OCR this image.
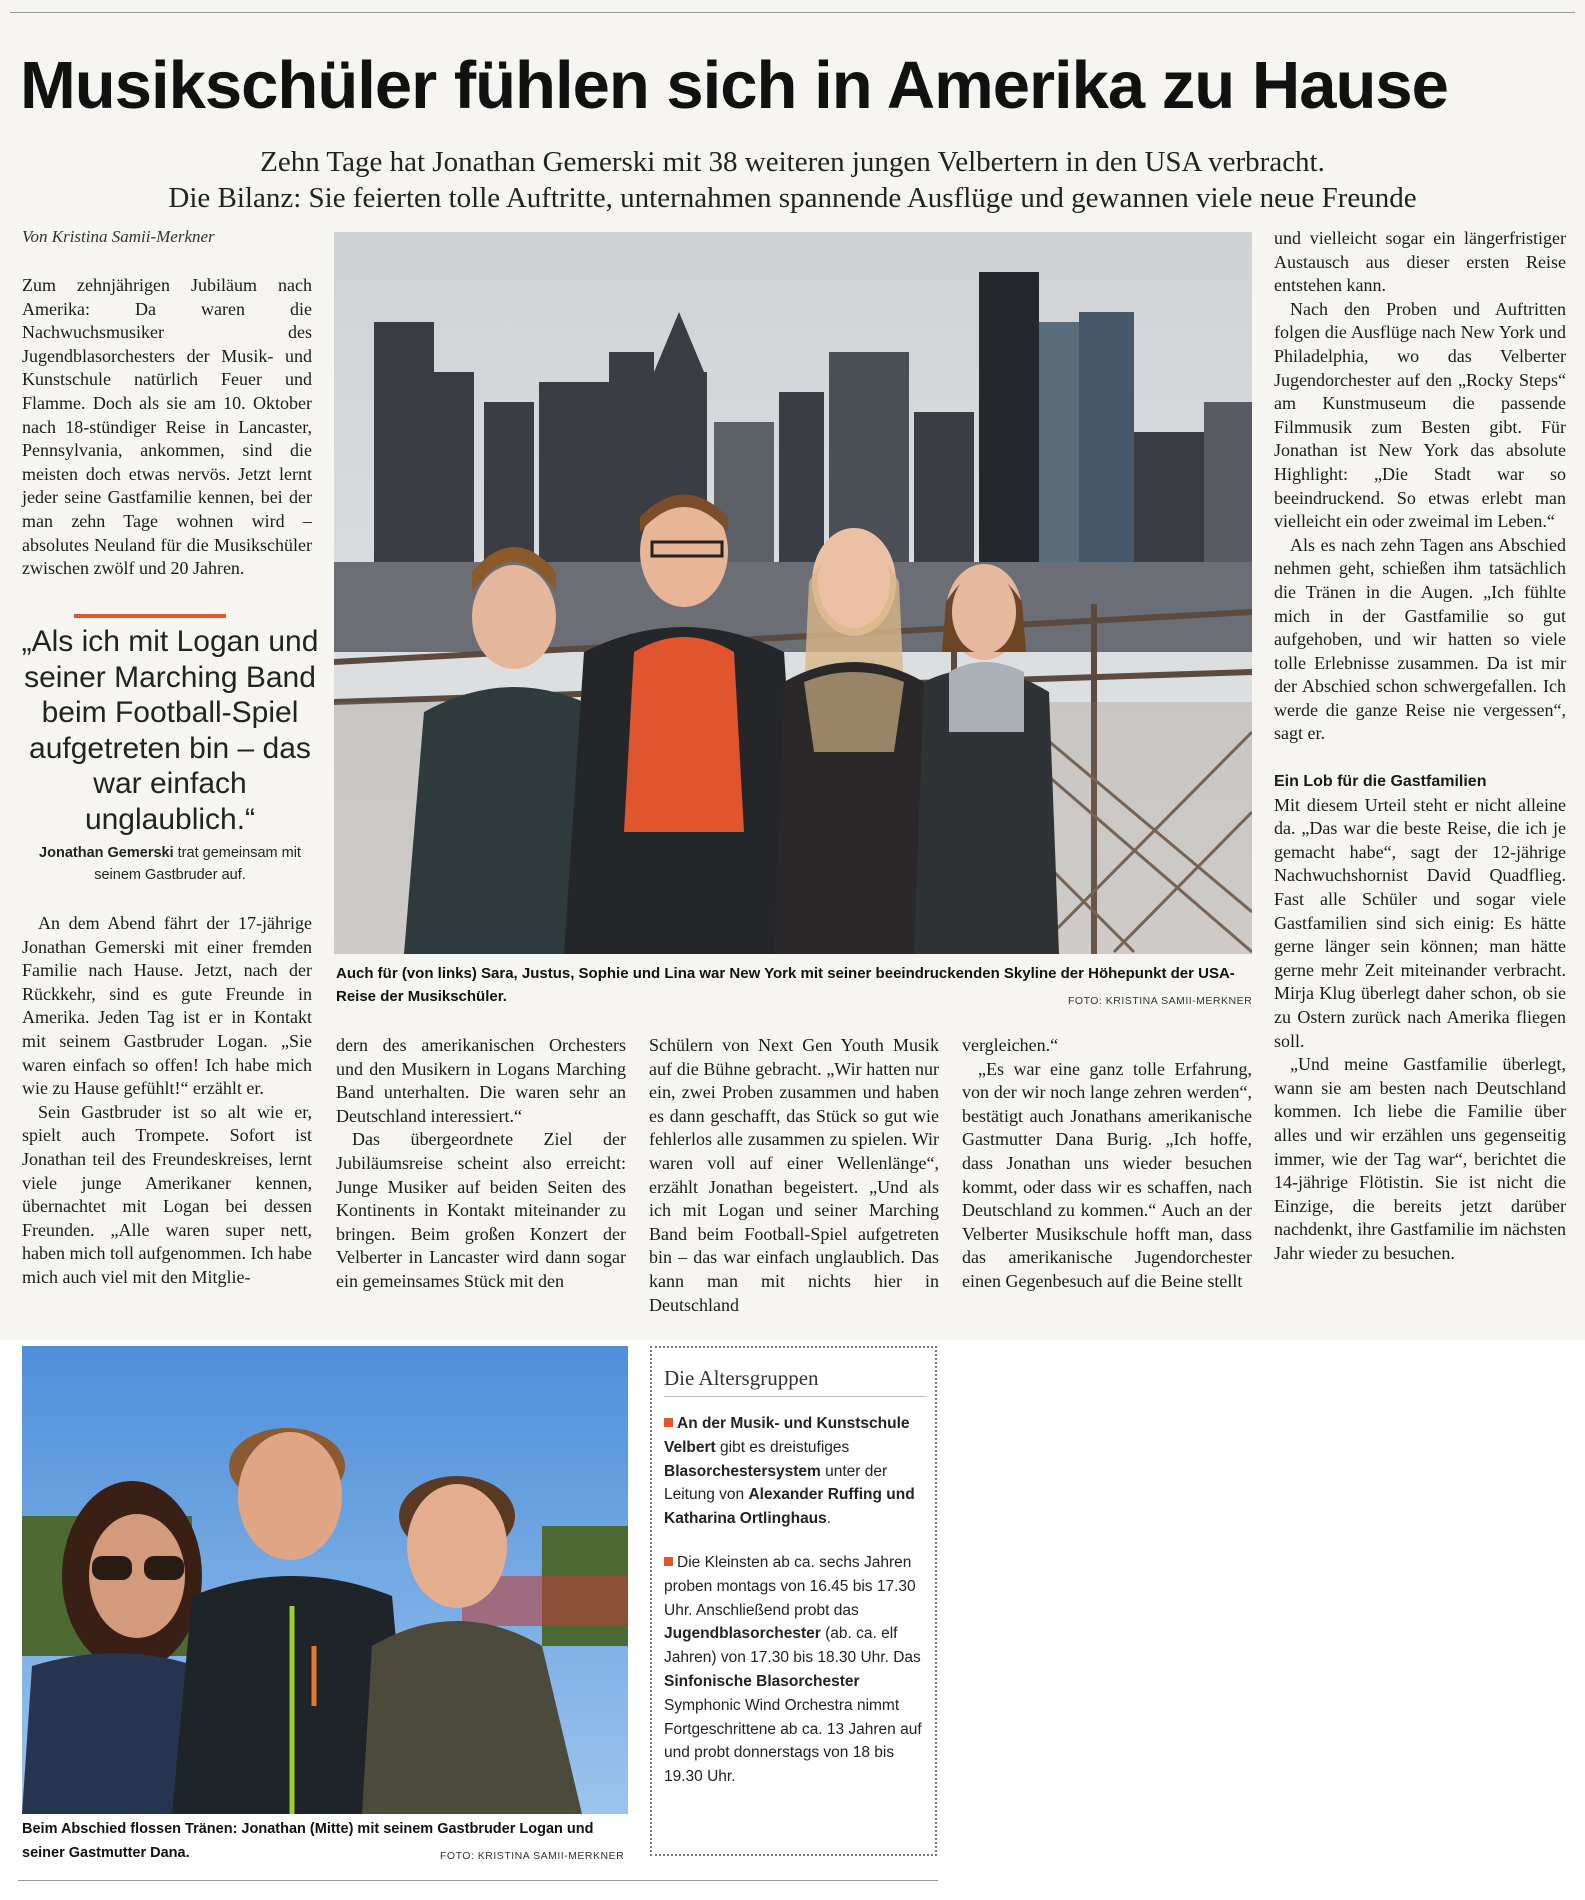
Musikschüler fühlen sich in Amerika zu Hause

Zehn Tage hat Jonathan Gemerski mit 38 weiteren jungen Velbertern in den USA verbracht.

Die Bilanz: Sie feierten tolle Auftritte, unternahmen spannende Ausflüge und gewannen viele neue Freunde

Von Kristina Samii-Merkner

Zum zehnjährigen Jubiläum nach Amerika: Da waren die Nachwuchsmusiker des Jugendblasorchesters der Musik- und Kunstschule natürlich Feuer und Flamme. Doch als sie am 10. Oktober nach 18-stündiger Reise in Lancaster, Pennsylvania, ankommen, sind die meisten doch etwas nervös. Jetzt lernt jeder seine Gastfamilie kennen, bei der man zehn Tage wohnen wird – absolutes Neuland für die Musikschüler zwischen zwölf und 20 Jahren.

„Als ich mit Logan und seiner Marching Band beim Football-Spiel aufgetreten bin – das war einfach unglaublich.“
Jonathan Gemerski trat gemeinsam mit seinem Gastbruder auf.

An dem Abend fährt der 17-jährige Jonathan Gemerski mit einer fremden Familie nach Hause. Jetzt, nach der Rückkehr, sind es gute Freunde in Amerika. Jeden Tag ist er in Kontakt mit seinem Gastbruder Logan. „Sie waren einfach so offen! Ich habe mich wie zu Hause gefühlt!“ erzählt er.

Sein Gastbruder ist so alt wie er, spielt auch Trompete. Sofort ist Jonathan teil des Freundeskreises, lernt viele junge Amerikaner kennen, übernachtet mit Logan bei dessen Freunden. „Alle waren super nett, haben mich toll aufgenommen. Ich habe mich auch viel mit den Mitglie-

Auch für (von links) Sara, Justus, Sophie und Lina war New York mit seiner beeindruckenden Skyline der Höhepunkt der USA-Reise der Musikschüler.	FOTO: KRISTINA SAMII-MERKNER

dern des amerikanischen Orchesters und den Musikern in Logans Marching Band unterhalten. Die waren sehr an Deutschland interessiert.“

Das übergeordnete Ziel der Jubiläumsreise scheint also erreicht: Junge Musiker auf beiden Seiten des Kontinents in Kontakt miteinander zu bringen. Beim großen Konzert der Velberter in Lancaster wird dann sogar ein gemeinsames Stück mit den

Schülern von Next Gen Youth Musik auf die Bühne gebracht. „Wir hatten nur ein, zwei Proben zusammen und haben es dann geschafft, das Stück so gut wie fehlerlos alle zusammen zu spielen. Wir waren voll auf einer Wellenlänge“, erzählt Jonathan begeistert. „Und als ich mit Logan und seiner Marching Band beim Football-Spiel aufgetreten bin – das war einfach unglaublich. Das kann man mit nichts hier in Deutschland

vergleichen.“

„Es war eine ganz tolle Erfahrung, von der wir noch lange zehren werden“, bestätigt auch Jonathans amerikanische Gastmutter Dana Burig. „Ich hoffe, dass Jonathan uns wieder besuchen kommt, oder dass wir es schaffen, nach Deutschland zu kommen.“ Auch an der Velberter Musikschule hofft man, dass das amerikanische Jugendorchester einen Gegenbesuch auf die Beine stellt

und vielleicht sogar ein längerfristiger Austausch aus dieser ersten Reise entstehen kann.

Nach den Proben und Auftritten folgen die Ausflüge nach New York und Philadelphia, wo das Velberter Jugendorchester auf den „Rocky Steps“ am Kunstmuseum die passende Filmmusik zum Besten gibt. Für Jonathan ist New York das absolute Highlight: „Die Stadt war so beeindruckend. So etwas erlebt man vielleicht ein oder zweimal im Leben.“

Als es nach zehn Tagen ans Abschied nehmen geht, schießen ihm tatsächlich die Tränen in die Augen. „Ich fühlte mich in der Gastfamilie so gut aufgehoben, und wir hatten so viele tolle Erlebnisse zusammen. Da ist mir der Abschied schon schwergefallen. Ich werde die ganze Reise nie vergessen“, sagt er.

Ein Lob für die Gastfamilien

Mit diesem Urteil steht er nicht alleine da. „Das war die beste Reise, die ich je gemacht habe“, sagt der 12-jährige Nachwuchshornist David Quadflieg. Fast alle Schüler und sogar viele Gastfamilien sind sich einig: Es hätte gerne länger sein können; man hätte gerne mehr Zeit miteinander verbracht. Mirja Klug überlegt daher schon, ob sie zu Ostern zurück nach Amerika fliegen soll.

„Und meine Gastfamilie überlegt, wann sie am besten nach Deutschland kommen. Ich liebe die Familie über alles und wir erzählen uns gegenseitig immer, wie der Tag war“, berichtet die 14-jährige Flötistin. Sie ist nicht die Einzige, die bereits jetzt darüber nachdenkt, ihre Gastfamilie im nächsten Jahr wieder zu besuchen.

Beim Abschied flossen Tränen: Jonathan (Mitte) mit seinem Gastbruder Logan und seiner Gastmutter Dana.	FOTO: KRISTINA SAMII-MERKNER
Die Altersgruppen

An der Musik- und Kunstschule Velbert gibt es dreistufiges Blasorchestersystem unter der Leitung von Alexander Ruffing und Katharina Ortlinghaus.

Die Kleinsten ab ca. sechs Jahren proben montags von 16.45 bis 17.30 Uhr. Anschließend probt das Jugendblasorchester (ab. ca. elf Jahren) von 17.30 bis 18.30 Uhr. Das Sinfonische Blasorchester Symphonic Wind Orchestra nimmt Fortgeschrittene ab ca. 13 Jahren auf und probt donnerstags von 18 bis 19.30 Uhr.
